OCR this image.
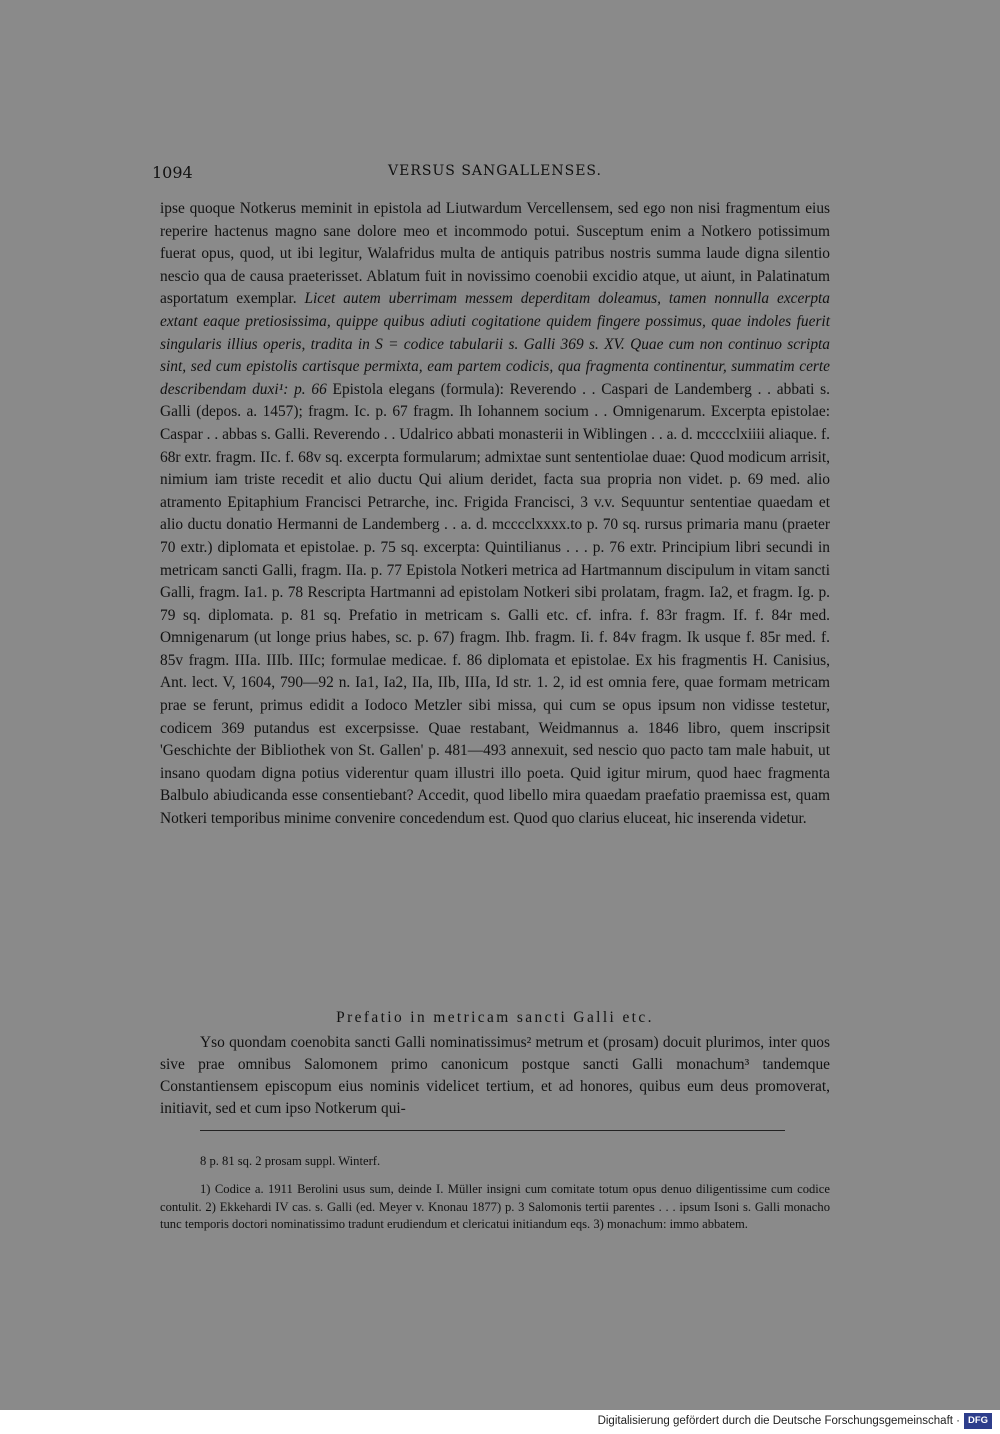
1094	VERSUS SANGALLENSES.

ipse quoque Notkerus meminit in epistola ad Liutwardum Vercellensem, sed ego non nisi fragmentum eius reperire hactenus magno sane dolore meo et incommodo potui. Susceptum enim a Notkero potissimum fuerat opus, quod, ut ibi legitur, Walafridus multa de antiquis patribus nostris summa laude digna silentio nescio qua de causa praeterisset. Ablatum fuit in novissimo coenobii excidio atque, ut aiunt, in Palatinatum asportatum exemplar. Licet autem uberrimam messem deperditam doleamus, tamen nonnulla excerpta extant eaque pretiosissima, quippe quibus adiuti cogitatione quidem fingere possimus, quae indoles fuerit singularis illius operis, tradita in S = codice tabularii s. Galli 369 s. XV. Quae cum non continuo scripta sint, sed cum epistolis cartisque permixta, eam partem codicis, qua fragmenta continentur, summatim certe describendam duxi¹: p. 66 Epistola elegans (formula): Reverendo . . Caspari de Landemberg . . abbati s. Galli (depos. a. 1457); fragm. Ic. p. 67 fragm. Ih Iohannem socium . . Omnigenarum. Excerpta epistolae: Caspar . . abbas s. Galli. Reverendo . . Udalrico abbati monasterii in Wiblingen . . a. d. mcccclxiiii aliaque. f. 68r extr. fragm. IIc. f. 68v sq. excerpta formularum; admixtae sunt sententiolae duae: Quod modicum arrisit, nimium iam triste recedit et alio ductu Qui alium deridet, facta sua propria non videt. p. 69 med. alio atramento Epitaphium Francisci Petrarche, inc. Frigida Francisci, 3 v.v. Sequuntur sententiae quaedam et alio ductu donatio Hermanni de Landemberg . . a. d. mcccclxxxx.to p. 70 sq. rursus primaria manu (praeter 70 extr.) diplomata et epistolae. p. 75 sq. excerpta: Quintilianus . . . p. 76 extr. Principium libri secundi in metricam sancti Galli, fragm. IIa. p. 77 Epistola Notkeri metrica ad Hartmannum discipulum in vitam sancti Galli, fragm. Ia1. p. 78 Rescripta Hartmanni ad epistolam Notkeri sibi prolatam, fragm. Ia2, et fragm. Ig. p. 79 sq. diplomata. p. 81 sq. Prefatio in metricam s. Galli etc. cf. infra. f. 83r fragm. If. f. 84r med. Omnigenarum (ut longe prius habes, sc. p. 67) fragm. Ihb. fragm. Ii. f. 84v fragm. Ik usque f. 85r med. f. 85v fragm. IIIa. IIIb. IIIc; formulae medicae. f. 86 diplomata et epistolae. Ex his fragmentis H. Canisius, Ant. lect. V, 1604, 790—92 n. Ia1, Ia2, IIa, IIb, IIIa, Id str. 1. 2, id est omnia fere, quae formam metricam prae se ferunt, primus edidit a Iodoco Metzler sibi missa, qui cum se opus ipsum non vidisse testetur, codicem 369 putandus est excerpsisse. Quae restabant, Weidmannus a. 1846 libro, quem inscripsit 'Geschichte der Bibliothek von St. Gallen' p. 481—493 annexuit, sed nescio quo pacto tam male habuit, ut insano quodam digna potius viderentur quam illustri illo poeta. Quid igitur mirum, quod haec fragmenta Balbulo abiudicanda esse consentiebant? Accedit, quod libello mira quaedam praefatio praemissa est, quam Notkeri temporibus minime convenire concedendum est. Quod quo clarius eluceat, hic inserenda videtur.

Prefatio in metricam sancti Galli etc.

Yso quondam coenobita sancti Galli nominatissimus² metrum et (prosam) docuit plurimos, inter quos sive prae omnibus Salomonem primo canonicum postque sancti Galli monachum³ tandemque Constantiensem episcopum eius nominis videlicet tertium, et ad honores, quibus eum deus promoverat, initiavit, sed et cum ipso Notkerum qui-

8 p. 81 sq. 2 prosam suppl. Winterf.

1) Codice a. 1911 Berolini usus sum, deinde I. Müller insigni cum comitate totum opus denuo diligentissime cum codice contulit. 2) Ekkehardi IV cas. s. Galli (ed. Meyer v. Knonau 1877) p. 3 Salomonis tertii parentes . . . ipsum Isoni s. Galli monacho tunc temporis doctori nominatissimo tradunt erudiendum et clericatui initiandum eqs. 3) monachum: immo abbatem.

Digitalisierung gefördert durch die Deutsche Forschungsgemeinschaft · DFG
